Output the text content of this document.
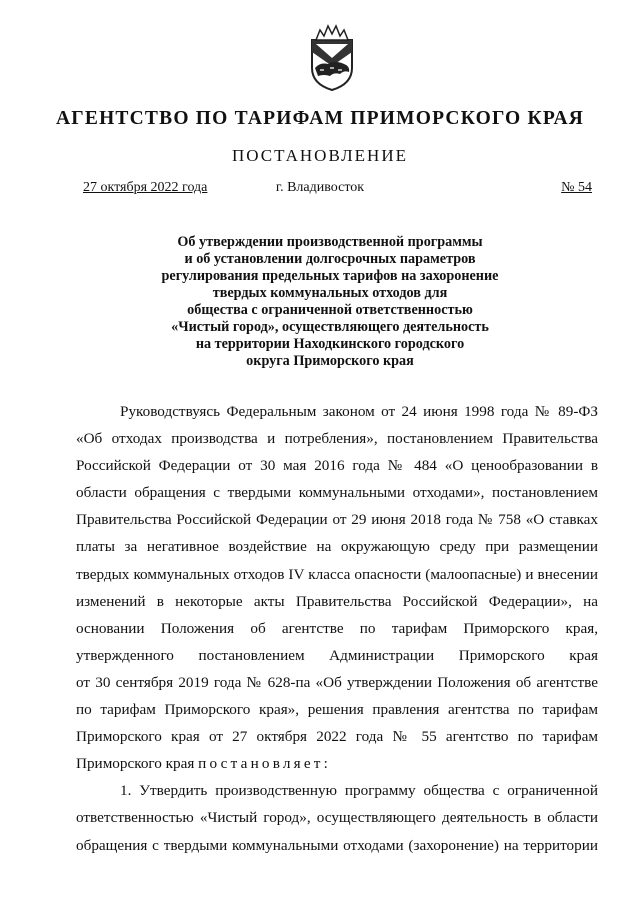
АГЕНТСТВО ПО ТАРИФАМ ПРИМОРСКОГО КРАЯ
ПОСТАНОВЛЕНИЕ
27 октября 2022 года	г. Владивосток	№ 54
Об утверждении производственной программы
и об установлении долгосрочных параметров
регулирования предельных тарифов на захоронение
твердых коммунальных отходов для
общества с ограниченной ответственностью
«Чистый город», осуществляющего деятельность
на территории Находкинского городского
округа Приморского края
Руководствуясь Федеральным законом от 24 июня 1998 года № 89-ФЗ
«Об отходах производства и потребления», постановлением Правительства
Российской Федерации от 30 мая 2016 года № 484 «О ценообразовании в
области обращения с твердыми коммунальными отходами», постановлением
Правительства Российской Федерации от 29 июня 2018 года № 758 «О ставках
платы за негативное воздействие на окружающую среду при размещении
твердых коммунальных отходов IV класса опасности (малоопасные) и внесении
изменений в некоторые акты Правительства Российской Федерации», на
основании Положения об агентстве по тарифам Приморского края,
утвержденного постановлением Администрации Приморского края
от 30 сентября 2019 года № 628-па «Об утверждении Положения об агентстве
по тарифам Приморского края», решения правления агентства по тарифам
Приморского края от 27 октября 2022 года № 55 агентство по тарифам
Приморского края постановляет:
1. Утвердить производственную программу общества с ограниченной
ответственностью «Чистый город», осуществляющего деятельность в области
обращения с твердыми коммунальными отходами (захоронение) на территории
